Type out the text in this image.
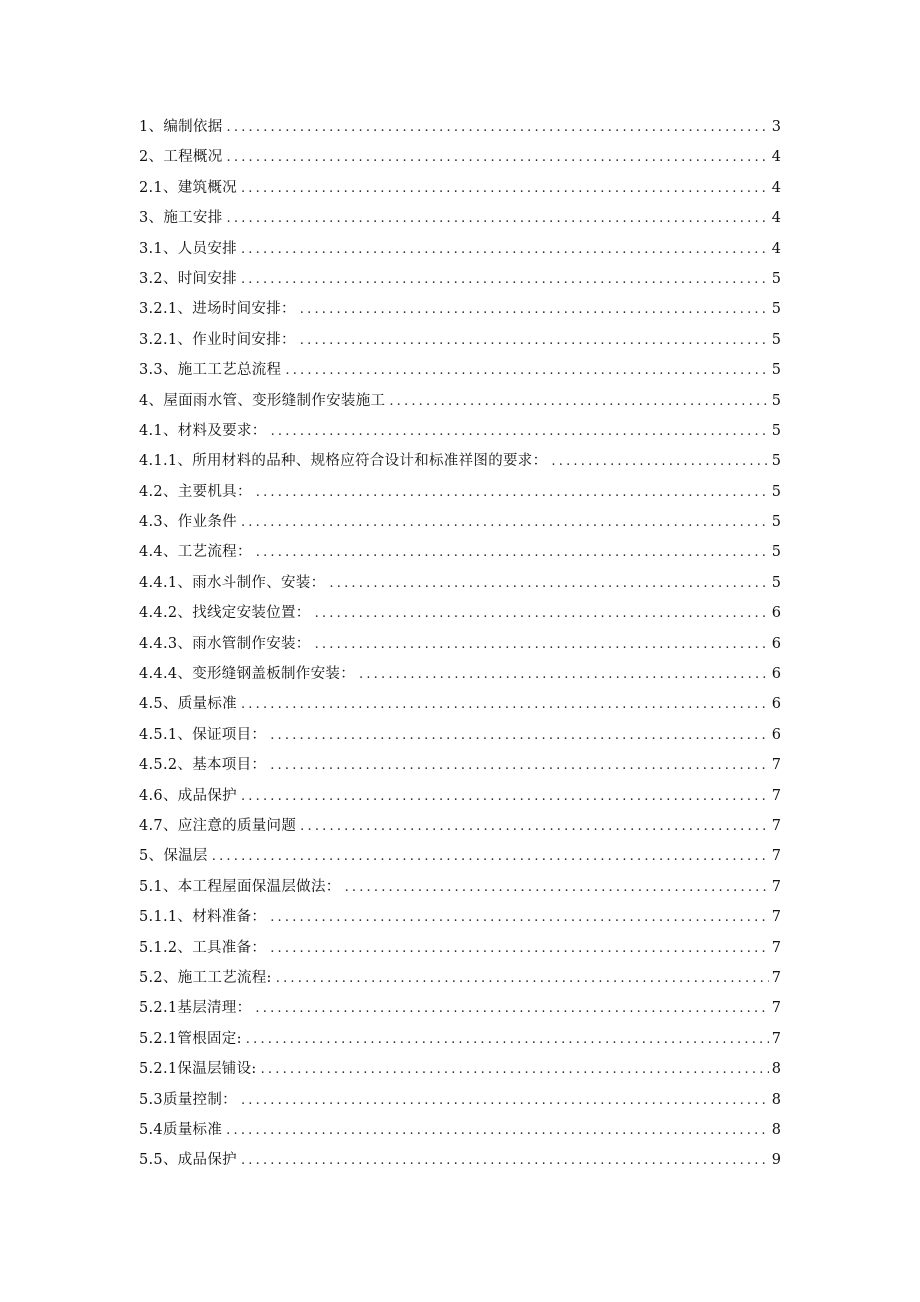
1、编制依据 .....	3
2、工程概况 .....	4
2.1、建筑概况 .....	4
3、施工安排 .....	4
3.1、人员安排 .....	4
3.2、时间安排 .....	5
3.2.1、进场时间安排： .....	5
3.2.1、作业时间安排： .....	5
3.3、施工工艺总流程 .....	5
4、屋面雨水管、变形缝制作安装施工 .....	5
4.1、材料及要求： .....	5
4.1.1、所用材料的品种、规格应符合设计和标准祥图的要求： .....	5
4.2、主要机具： .....	5
4.3、作业条件 .....	5
4.4、工艺流程： .....	5
4.4.1、雨水斗制作、安装： .....	5
4.4.2、找线定安装位置： .....	6
4.4.3、雨水管制作安装： .....	6
4.4.4、变形缝钢盖板制作安装： .....	6
4.5、质量标准 .....	6
4.5.1、保证项目： .....	6
4.5.2、基本项目： .....	7
4.6、成品保护 .....	7
4.7、应注意的质量问题 .....	7
5、保温层 .....	7
5.1、本工程屋面保温层做法： .....	7
5.1.1、材料准备： .....	7
5.1.2、工具准备： .....	7
5.2、施工工艺流程: .....	7
5.2.1基层清理： .....	7
5.2.1管根固定: .....	7
5.2.1保温层铺设: .....	8
5.3质量控制： .....	8
5.4质量标准 .....	8
5.5、成品保护 .....	9
